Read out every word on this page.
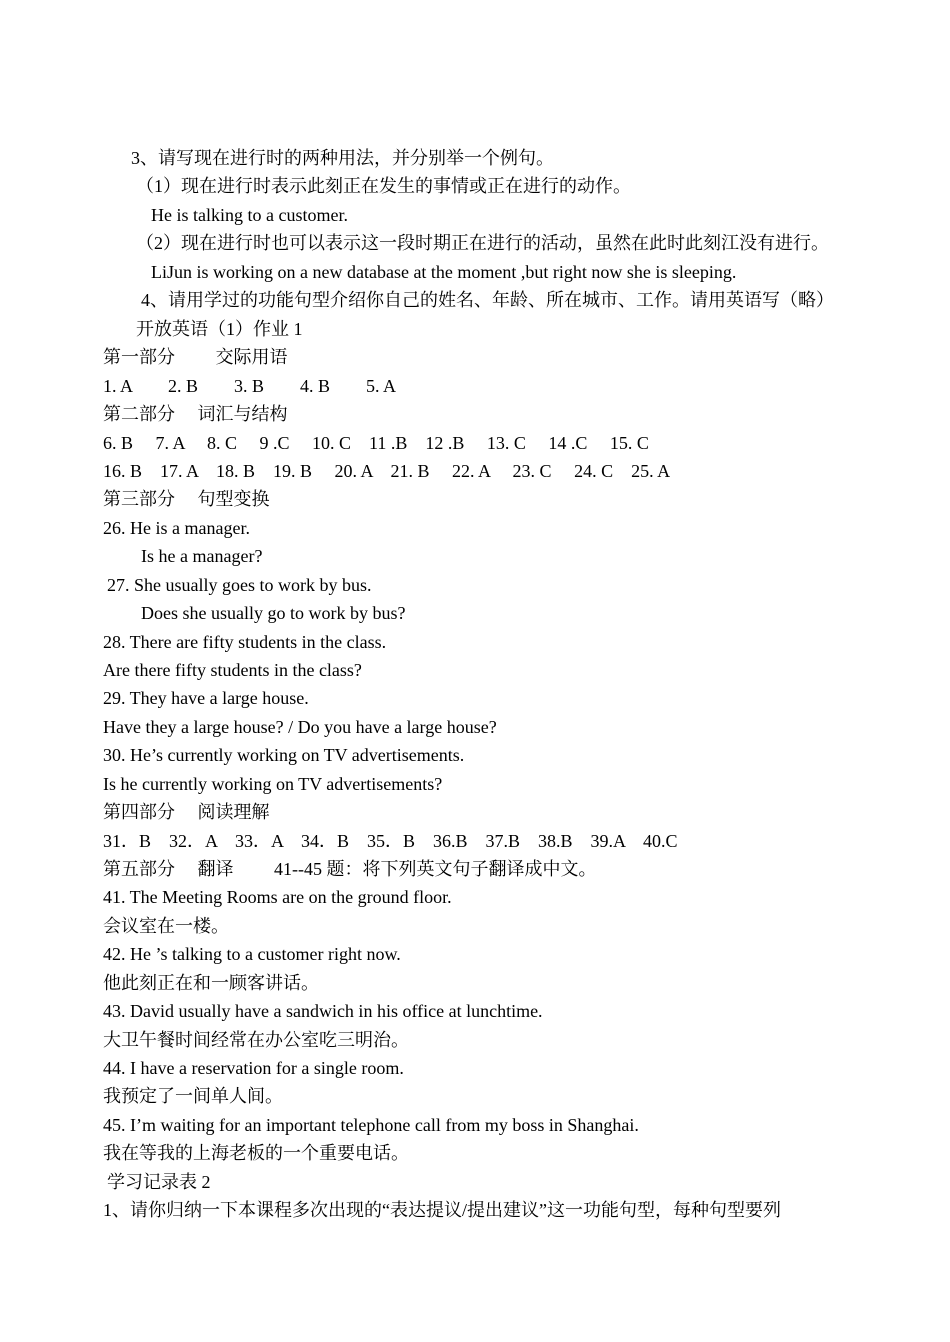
3、请写现在进行时的两种用法，并分别举一个例句。
（1）现在进行时表示此刻正在发生的事情或正在进行的动作。
He is talking to a customer.
（2）现在进行时也可以表示这一段时期正在进行的活动，虽然在此时此刻江没有进行。
LiJun is working on a new database at the moment ,but right now she is sleeping.
4、请用学过的功能句型介绍你自己的姓名、年龄、所在城市、工作。请用英语写（略）
开放英语（1）作业 1
第一部分　　 交际用语
1. A　　2. B　　3. B　　4. B　　5. A
第二部分　 词汇与结构
6. B　 7. A　 8. C　 9 .C　 10. C　11 .B　12 .B　 13. C　 14 .C　 15. C
16. B　17. A　18. B　19. B　 20. A　21. B　 22. A　 23. C　 24. C　25. A
第三部分　 句型变换
26. He is a manager.
Is he a manager?
27. She usually goes to work by bus.
Does she usually go to work by bus?
28. There are fifty students in the class.
Are there fifty students in the class?
29. They have a large house.
Have they a large house? / Do you have a large house?
30. He’s currently working on TV advertisements.
Is he currently working on TV advertisements?
第四部分　 阅读理解
31．B　32．A　33．A　34．B　35．B　36.B　37.B　38.B　39.A　40.C
第五部分　 翻译　　 41--45 题：将下列英文句子翻译成中文。
41. The Meeting Rooms are on the ground floor.
会议室在一楼。
42. He ’s talking to a customer right now.
他此刻正在和一顾客讲话。
43. David usually have a sandwich in his office at lunchtime.
大卫午餐时间经常在办公室吃三明治。
44. I have a reservation for a single room.
我预定了一间单人间。
45. I’m waiting for an important telephone call from my boss in Shanghai.
我在等我的上海老板的一个重要电话。
学习记录表 2
1、请你归纳一下本课程多次出现的“表达提议/提出建议”这一功能句型，每种句型要列
